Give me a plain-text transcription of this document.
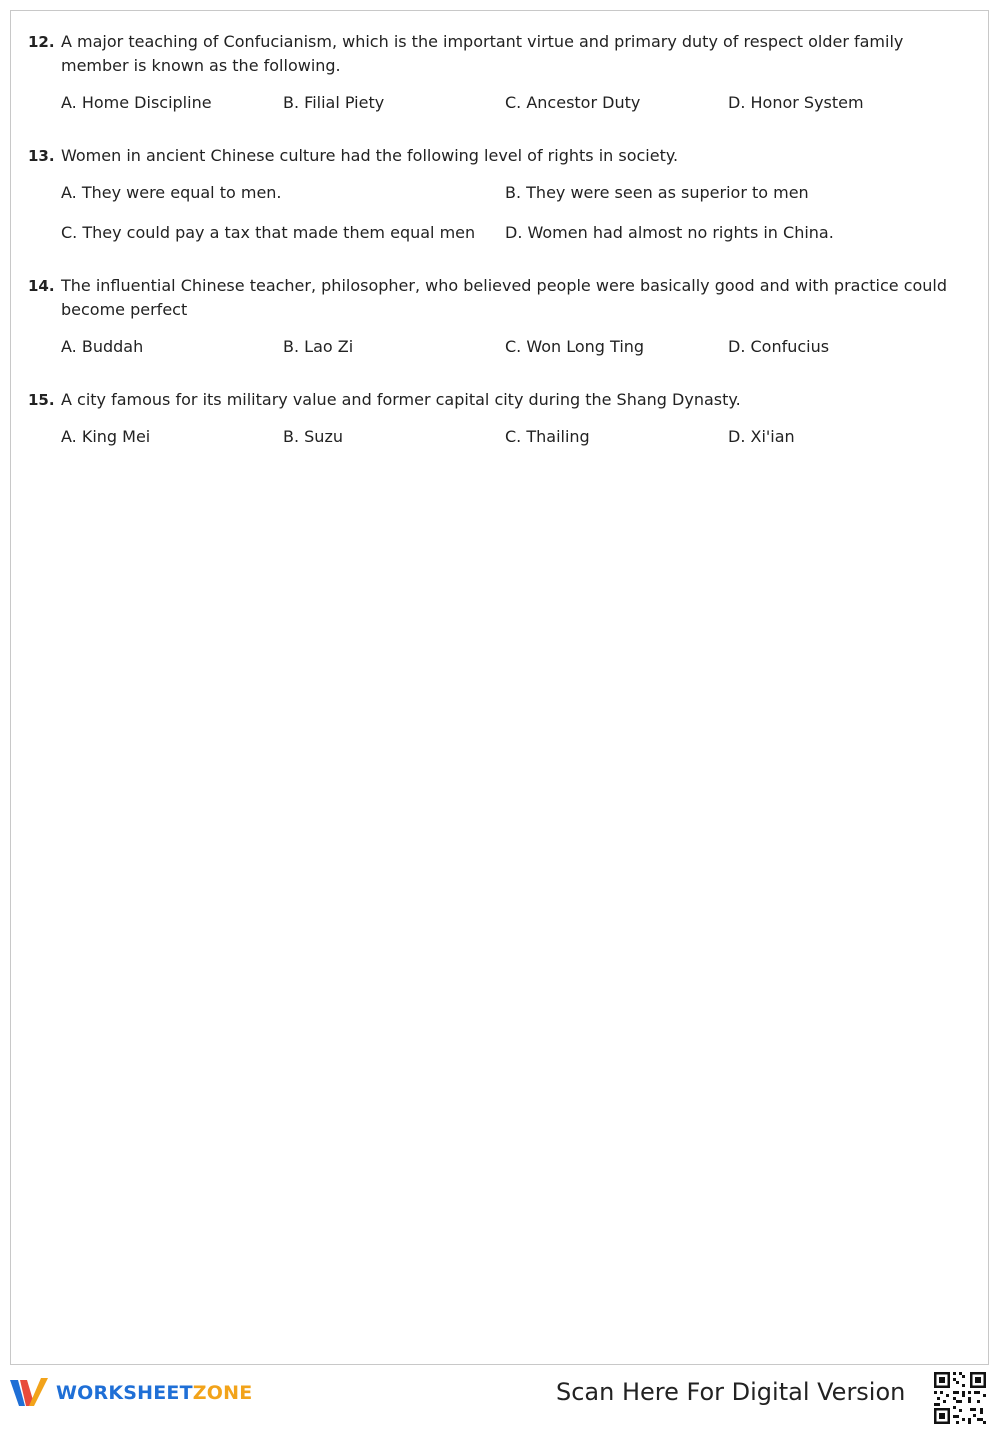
12. A major teaching of Confucianism, which is the important virtue and primary duty of respect older family member is known as the following.
A. Home Discipline	B. Filial Piety	C. Ancestor Duty	D. Honor System
13. Women in ancient Chinese culture had the following level of rights in society.
A. They were equal to men.	B. They were seen as superior to men
C. They could pay a tax that made them equal men D. Women had almost no rights in China.
14. The influential Chinese teacher, philosopher, who believed people were basically good and with practice could become perfect
A. Buddah	B. Lao Zi	C. Won Long Ting	D. Confucius
15. A city famous for its military value and former capital city during the Shang Dynasty.
A. King Mei	B. Suzu	C. Thailing	D. Xi'ian
WORKSHEETZONE	Scan Here For Digital Version
